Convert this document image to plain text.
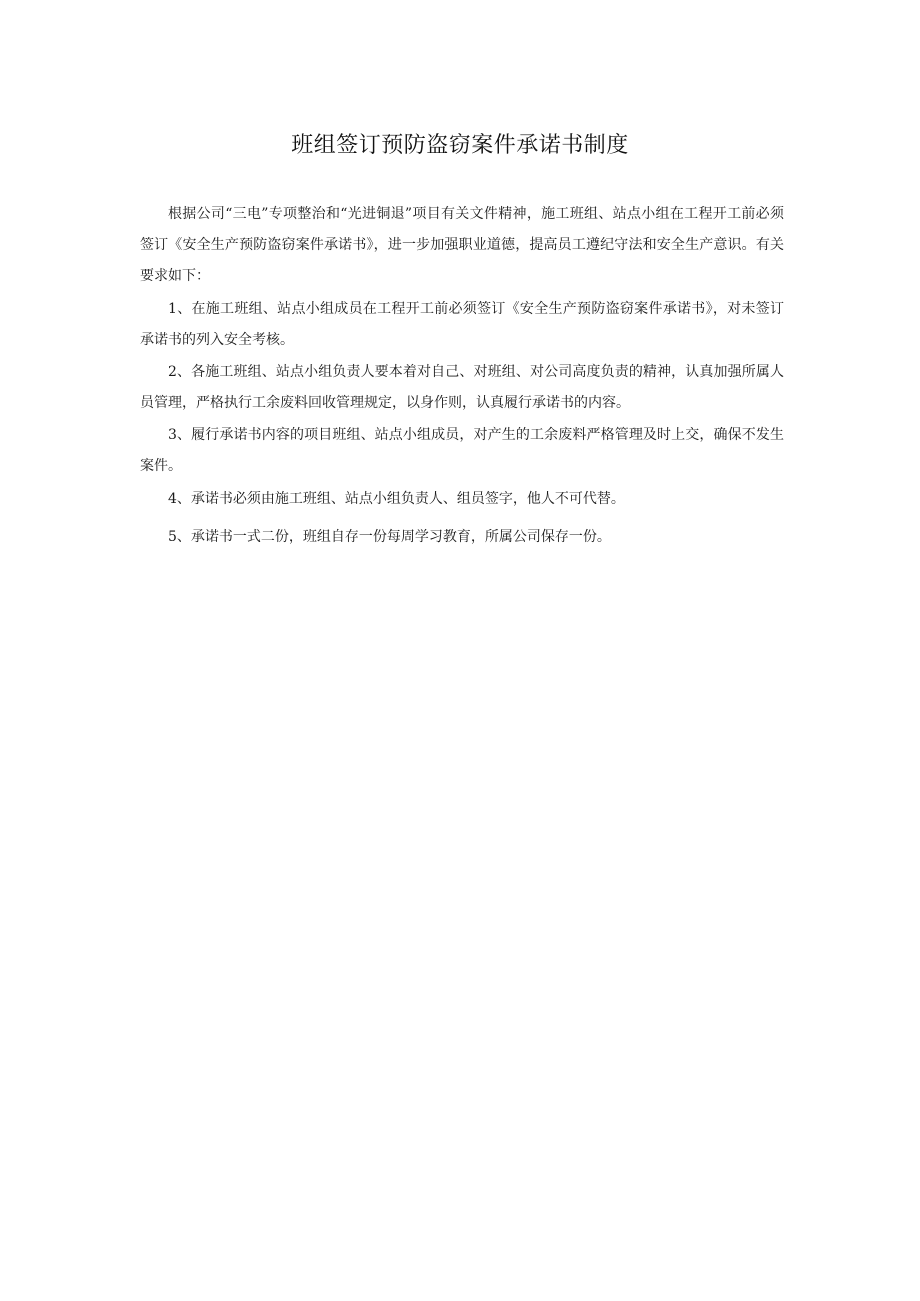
班组签订预防盗窃案件承诺书制度

根据公司“三电”专项整治和“光进铜退”项目有关文件精神，施工班组、站点小组在工程开工前必须签订《安全生产预防盗窃案件承诺书》，进一步加强职业道德，提高员工遵纪守法和安全生产意识。有关要求如下：

1、在施工班组、站点小组成员在工程开工前必须签订《安全生产预防盗窃案件承诺书》，对未签订承诺书的列入安全考核。

2、各施工班组、站点小组负责人要本着对自己、对班组、对公司高度负责的精神，认真加强所属人员管理，严格执行工余废料回收管理规定，以身作则，认真履行承诺书的内容。

3、履行承诺书内容的项目班组、站点小组成员，对产生的工余废料严格管理及时上交，确保不发生案件。

4、承诺书必须由施工班组、站点小组负责人、组员签字，他人不可代替。

5、承诺书一式二份，班组自存一份每周学习教育，所属公司保存一份。
